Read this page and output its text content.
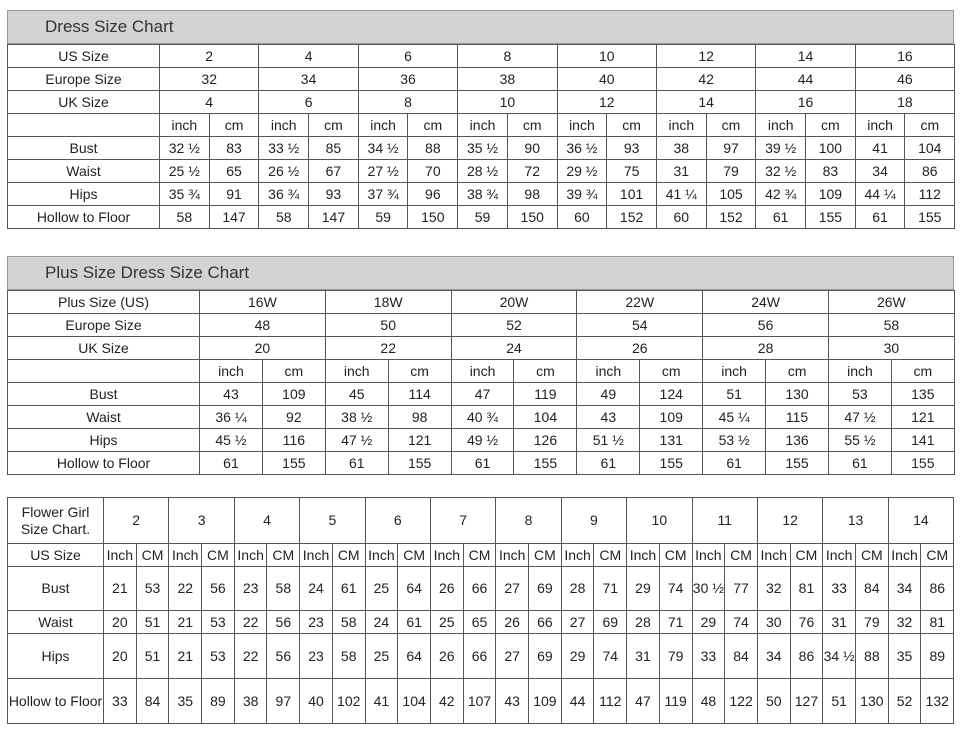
Dress Size Chart
US Size	2		4		6		8		10		12		14		16	
Europe Size	32		34		36		38		40		42		44		46	
UK Size	4		6		8		10		12		14		16		18	
	inch	cm	inch	cm	inch	cm	inch	cm	inch	cm	inch	cm	inch	cm	inch	cm
Bust	32 ½	83	33 ½	85	34 ½	88	35 ½	90	36 ½	93	38	97	39 ½	100	41	104
Waist	25 ½	65	26 ½	67	27 ½	70	28 ½	72	29 ½	75	31	79	32 ½	83	34	86
Hips	35 ¾	91	36 ¾	93	37 ¾	96	38 ¾	98	39 ¾	101	41 ¼	105	42 ¾	109	44 ¼	112
Hollow to Floor	58	147	58	147	59	150	59	150	60	152	60	152	61	155	61	155
Plus Size Dress Size Chart
Plus Size (US)	16W		18W		20W		22W		24W		26W	
Europe Size	48		50		52		54		56		58	
UK Size	20		22		24		26		28		30	
	inch	cm	inch	cm	inch	cm	inch	cm	inch	cm	inch	cm
Bust	43	109	45	114	47	119	49	124	51	130	53	135
Waist	36 ¼	92	38 ½	98	40 ¾	104	43	109	45 ¼	115	47 ½	121
Hips	45 ½	116	47 ½	121	49 ½	126	51 ½	131	53 ½	136	55 ½	141
Hollow to Floor	61	155	61	155	61	155	61	155	61	155	61	155
Flower Girl
Size Chart.	2		3		4		5		6		7		8		9		10		11		12		13		14	
US Size	Inch	CM	Inch	CM	Inch	CM	Inch	CM	Inch	CM	Inch	CM	Inch	CM	Inch	CM	Inch	CM	Inch	CM	Inch	CM	Inch	CM	Inch	CM
Bust	21	53	22	56	23	58	24	61	25	64	26	66	27	69	28	71	29	74	30 ½	77	32	81	33	84	34	86
Waist	20	51	21	53	22	56	23	58	24	61	25	65	26	66	27	69	28	71	29	74	30	76	31	79	32	81
Hips	20	51	21	53	22	56	23	58	25	64	26	66	27	69	29	74	31	79	33	84	34	86	34 ½	88	35	89
Hollow to Floor	33	84	35	89	38	97	40	102	41	104	42	107	43	109	44	112	47	119	48	122	50	127	51	130	52	132
